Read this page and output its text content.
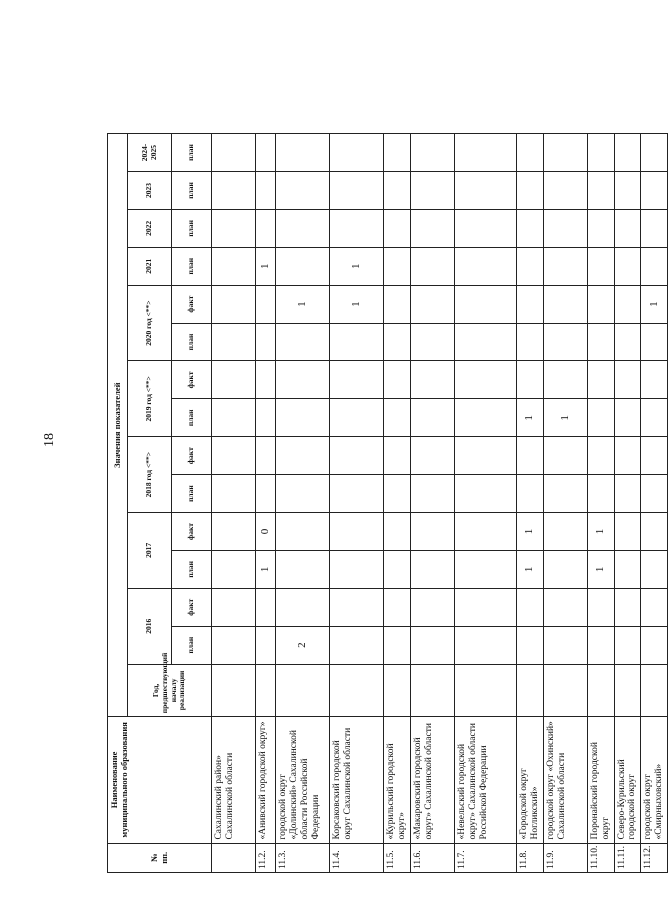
18
№ пп.	Наименование муниципального образования	Значения показателей														
		Год, предшествующий началу реализации	2016		2017		2018 год <**>		2019 год <**>		2020 год <**>		2021	2022	2023	2024-2025
			план	факт	план	факт	план	факт	план	факт	план	факт	план	план	план	план

	Сахалинский район» Сахалинской области															
11.2.	«Анивский городской округ»				1	0							1			
11.3.	городской округ «Долинский» Сахалинской области Российской Федерации		2									1				
11.4.	Корсаковский городской округ Сахалинской области											1	1			
11.5.	«Курильский городской округ»															
11.6.	«Макаровский городской округ» Сахалинской области															
11.7.	«Невельский городской округ» Сахалинской области Российской Федерации															
11.8.	«Городской округ Ногликский»				1	1			1							
11.9.	городской округ «Охинский» Сахалинской области								1							
11.10.	Поронайский городской округ				1	1										
11.11.	Северо-Курильский городской округ															
11.12.	городской округ «Смирныховский»											1				
